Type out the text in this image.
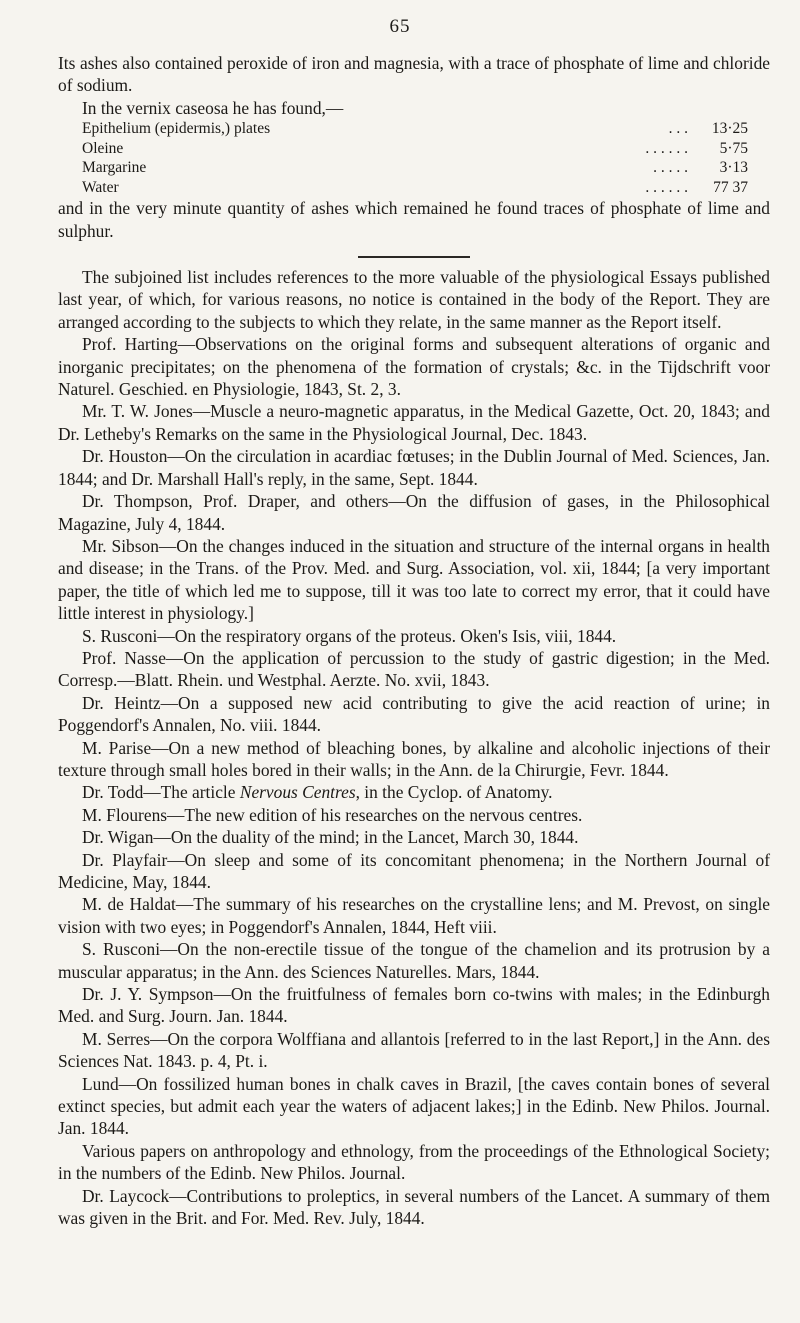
65

Its ashes also contained peroxide of iron and magnesia, with a trace of phosphate of lime and chloride of sodium.

In the vernix caseosa he has found,—

Epithelium (epidermis,) plates	. . .	13·25
Oleine	. . . . . .	5·75
Margarine	. . . . .	3·13
Water	. . . . . .	77 37

and in the very minute quantity of ashes which remained he found traces of phosphate of lime and sulphur.

The subjoined list includes references to the more valuable of the physiological Essays published last year, of which, for various reasons, no notice is contained in the body of the Report. They are arranged according to the subjects to which they relate, in the same manner as the Report itself.

Prof. Harting—Observations on the original forms and subsequent alterations of organic and inorganic precipitates; on the phenomena of the formation of crystals; &c. in the Tijdschrift voor Naturel. Geschied. en Physiologie, 1843, St. 2, 3.

Mr. T. W. Jones—Muscle a neuro-magnetic apparatus, in the Medical Gazette, Oct. 20, 1843; and Dr. Letheby's Remarks on the same in the Physiological Journal, Dec. 1843.

Dr. Houston—On the circulation in acardiac fœtuses; in the Dublin Journal of Med. Sciences, Jan. 1844; and Dr. Marshall Hall's reply, in the same, Sept. 1844.

Dr. Thompson, Prof. Draper, and others—On the diffusion of gases, in the Philosophical Magazine, July 4, 1844.

Mr. Sibson—On the changes induced in the situation and structure of the internal organs in health and disease; in the Trans. of the Prov. Med. and Surg. Association, vol. xii, 1844; [a very important paper, the title of which led me to suppose, till it was too late to correct my error, that it could have little interest in physiology.]

S. Rusconi—On the respiratory organs of the proteus. Oken's Isis, viii, 1844.

Prof. Nasse—On the application of percussion to the study of gastric digestion; in the Med. Corresp.—Blatt. Rhein. und Westphal. Aerzte. No. xvii, 1843.

Dr. Heintz—On a supposed new acid contributing to give the acid reaction of urine; in Poggendorf's Annalen, No. viii. 1844.

M. Parise—On a new method of bleaching bones, by alkaline and alcoholic injections of their texture through small holes bored in their walls; in the Ann. de la Chirurgie, Fevr. 1844.

Dr. Todd—The article Nervous Centres, in the Cyclop. of Anatomy.

M. Flourens—The new edition of his researches on the nervous centres.

Dr. Wigan—On the duality of the mind; in the Lancet, March 30, 1844.

Dr. Playfair—On sleep and some of its concomitant phenomena; in the Northern Journal of Medicine, May, 1844.

M. de Haldat—The summary of his researches on the crystalline lens; and M. Prevost, on single vision with two eyes; in Poggendorf's Annalen, 1844, Heft viii.

S. Rusconi—On the non-erectile tissue of the tongue of the chamelion and its protrusion by a muscular apparatus; in the Ann. des Sciences Naturelles. Mars, 1844.

Dr. J. Y. Sympson—On the fruitfulness of females born co-twins with males; in the Edinburgh Med. and Surg. Journ. Jan. 1844.

M. Serres—On the corpora Wolffiana and allantois [referred to in the last Report,] in the Ann. des Sciences Nat. 1843. p. 4, Pt. i.

Lund—On fossilized human bones in chalk caves in Brazil, [the caves contain bones of several extinct species, but admit each year the waters of adjacent lakes;] in the Edinb. New Philos. Journal. Jan. 1844.

Various papers on anthropology and ethnology, from the proceedings of the Ethnological Society; in the numbers of the Edinb. New Philos. Journal.

Dr. Laycock—Contributions to proleptics, in several numbers of the Lancet. A summary of them was given in the Brit. and For. Med. Rev. July, 1844.
